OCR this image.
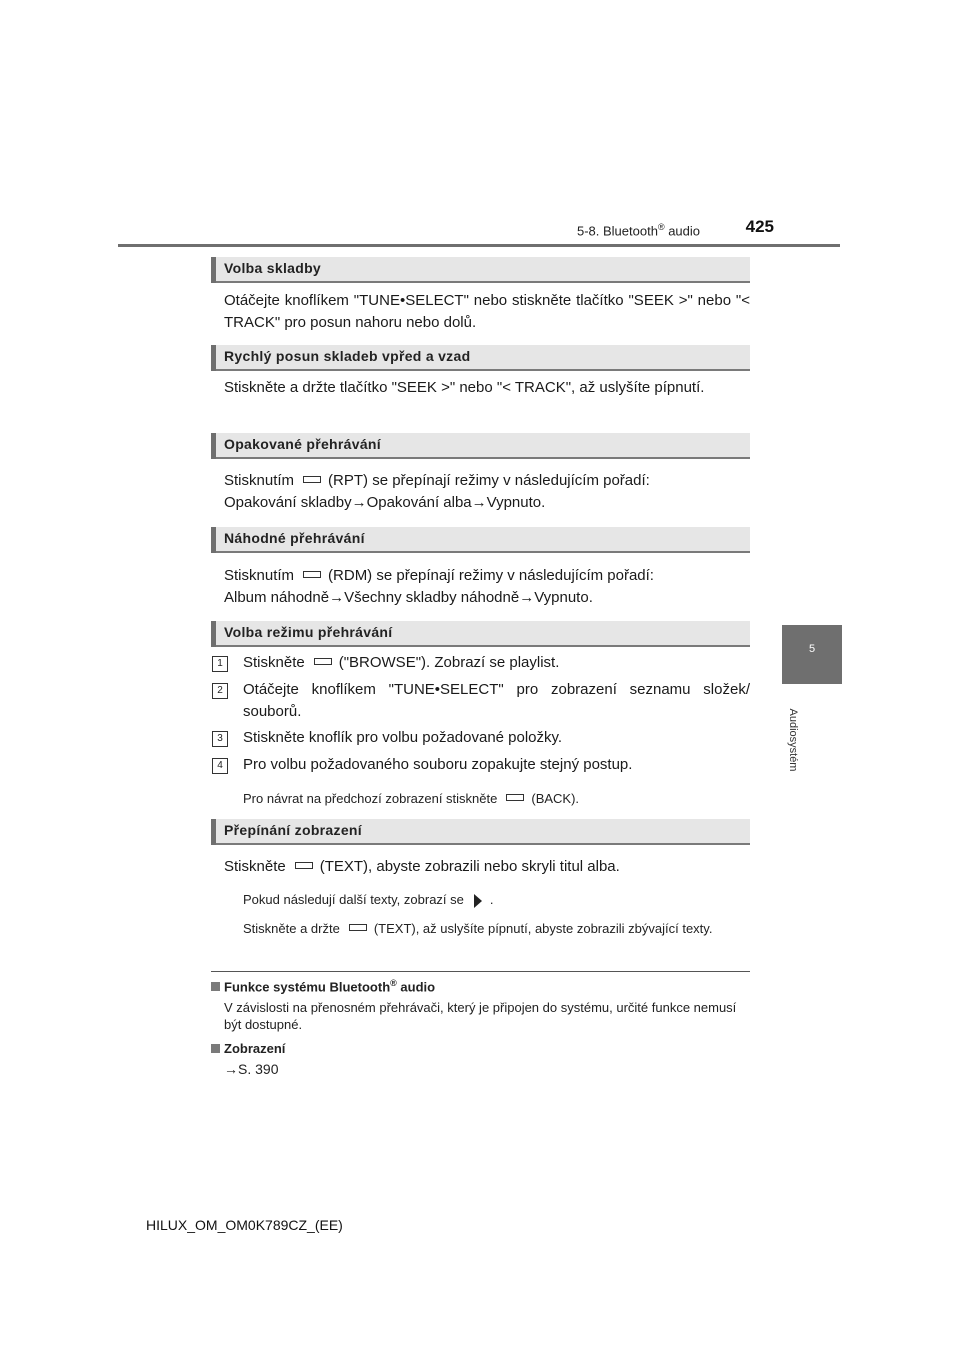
5-8. Bluetooth® audio	425
5
Audiosystém
Volba skladby
Otáčejte knoflíkem "TUNE•SELECT" nebo stiskněte tlačítko "SEEK >" nebo "< TRACK" pro posun nahoru nebo dolů.
Rychlý posun skladeb vpřed a vzad
Stiskněte a držte tlačítko "SEEK >" nebo "< TRACK", až uslyšíte pípnutí.
Opakované přehrávání
Stisknutím (RPT) se přepínají režimy v následujícím pořadí:
Opakování skladby→Opakování alba→Vypnuto.
Náhodné přehrávání
Stisknutím (RDM) se přepínají režimy v následujícím pořadí:
Album náhodně→Všechny skladby náhodně→Vypnuto.
Volba režimu přehrávání
1	Stiskněte ("BROWSE"). Zobrazí se playlist.
2	Otáčejte knoflíkem "TUNE•SELECT" pro zobrazení seznamu složek/ souborů.
3	Stiskněte knoflík pro volbu požadované položky.
4	Pro volbu požadovaného souboru zopakujte stejný postup.
Pro návrat na předchozí zobrazení stiskněte	(BACK).
Přepínání zobrazení
Stiskněte (TEXT), abyste zobrazili nebo skryli titul alba.
Pokud následují další texty, zobrazí se .
Stiskněte a držte	(TEXT), až uslyšíte pípnutí, abyste zobrazili zbývající texty.
Funkce systému Bluetooth® audio
V závislosti na přenosném přehrávači, který je připojen do systému, určité funkce nemusí být dostupné.
Zobrazení
→S. 390
HILUX_OM_OM0K789CZ_(EE)
